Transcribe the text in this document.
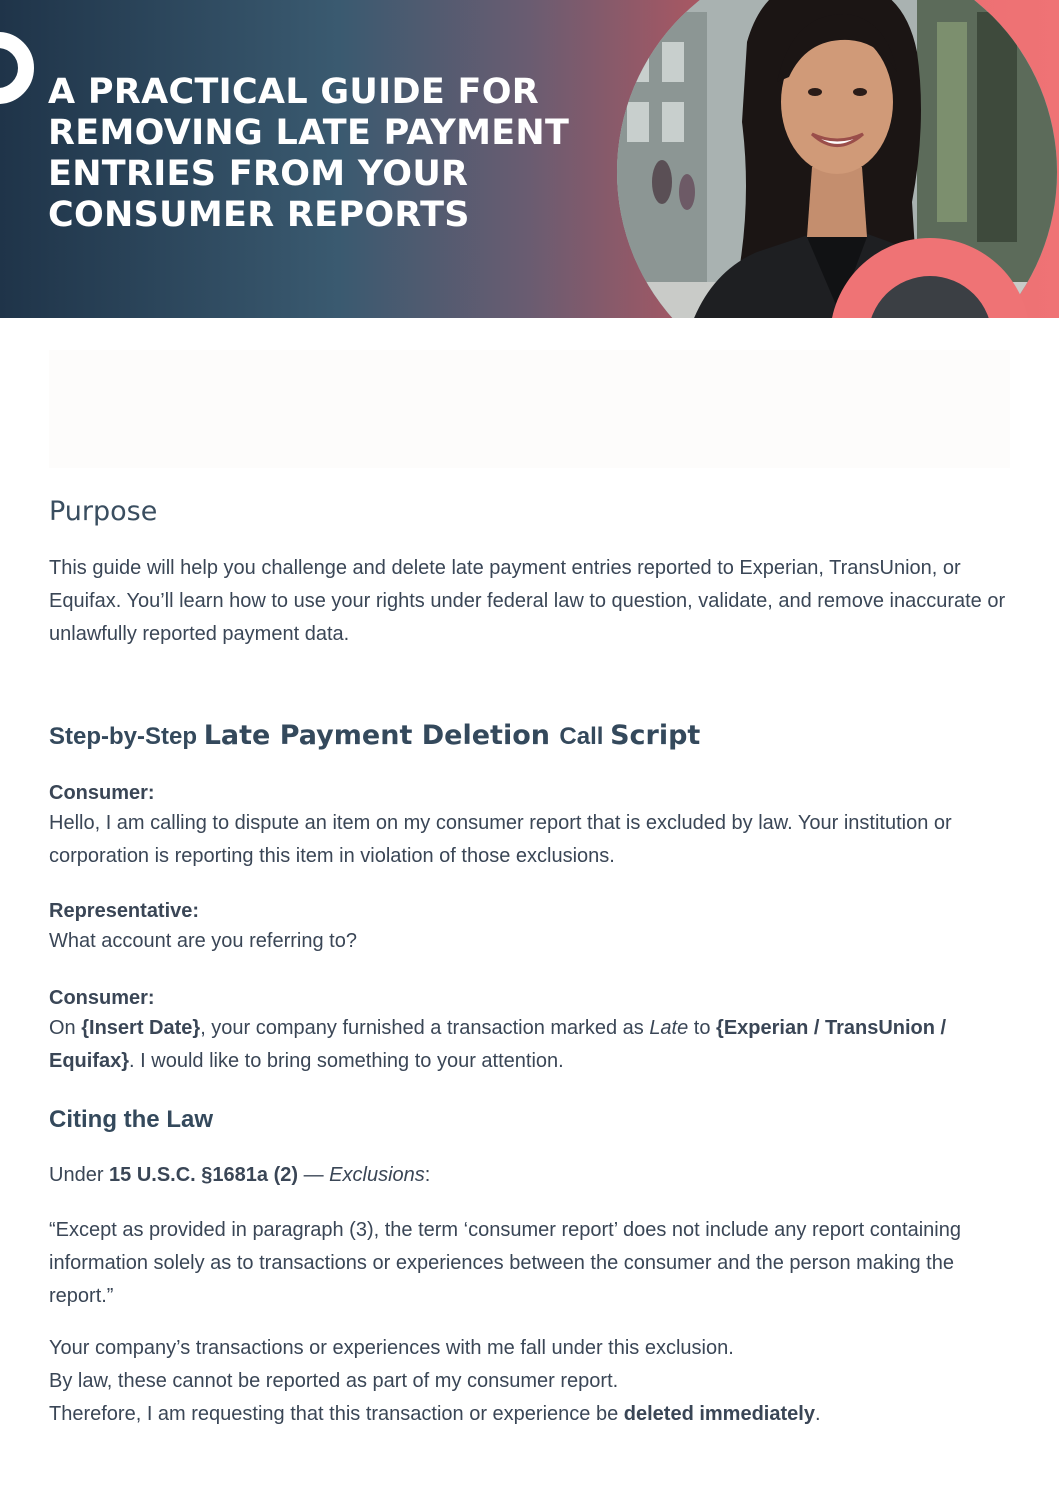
A PRACTICAL GUIDE FOR REMOVING LATE PAYMENT ENTRIES FROM YOUR CONSUMER REPORTS
Purpose

This guide will help you challenge and delete late payment entries reported to Experian, TransUnion, or Equifax. You’ll learn how to use your rights under federal law to question, validate, and remove inaccurate or unlawfully reported payment data.

Step-by-Step Late Payment Deletion Call Script
Consumer:

Hello, I am calling to dispute an item on my consumer report that is excluded by law. Your institution or corporation is reporting this item in violation of those exclusions.

Representative:

What account are you referring to?

Consumer:

On {Insert Date}, your company furnished a transaction marked as Late to {Experian / TransUnion / Equifax}. I would like to bring something to your attention.

Citing the Law

Under 15 U.S.C. §1681a (2) — Exclusions:

“Except as provided in paragraph (3), the term ‘consumer report’ does not include any report containing information solely as to transactions or experiences between the consumer and the person making the report.”

Your company’s transactions or experiences with me fall under this exclusion.

By law, these cannot be reported as part of my consumer report.

Therefore, I am requesting that this transaction or experience be deleted immediately.
